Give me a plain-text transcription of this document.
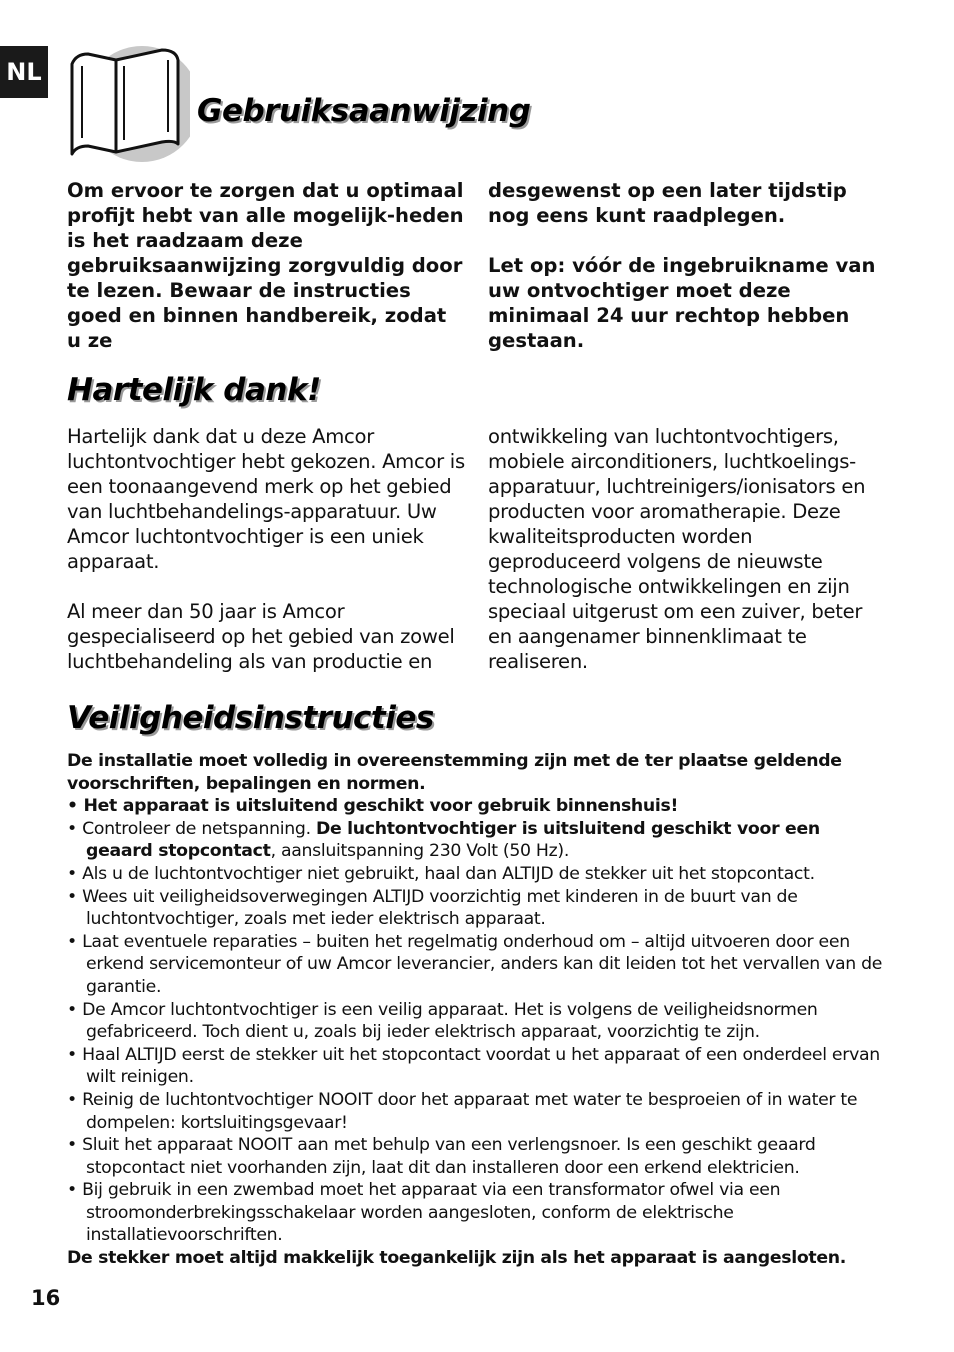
NL
Gebruiksaanwijzing
Om ervoor te zorgen dat u optimaal profijt hebt van alle mogelijk-heden is het raadzaam deze gebruiksaanwijzing zorgvuldig door te lezen. Bewaar de instructies goed en binnen handbereik, zodat u ze
desgewenst op een later tijdstip nog eens kunt raadplegen.
Let op: vóór de ingebruikname van uw ontvochtiger moet deze minimaal 24 uur rechtop hebben gestaan.
Hartelijk dank!
Hartelijk dank dat u deze Amcor luchtontvochtiger hebt gekozen. Amcor is een toonaangevend merk op het gebied van luchtbehandelings-apparatuur. Uw Amcor luchtontvochtiger is een uniek apparaat.
Al meer dan 50 jaar is Amcor gespecialiseerd op het gebied van zowel luchtbehandeling als van productie en
ontwikkeling van luchtontvochtigers, mobiele airconditioners, luchtkoelings-apparatuur, luchtreinigers/ionisators en producten voor aromatherapie. Deze kwaliteitsproducten worden geproduceerd volgens de nieuwste technologische ontwikkelingen en zijn speciaal uitgerust om een zuiver, beter en aangenamer binnenklimaat te realiseren.
Veiligheidsinstructies

De installatie moet volledig in overeenstemming zijn met de ter plaatse geldende voorschriften, bepalingen en normen.

• Het apparaat is uitsluitend geschikt voor gebruik binnenshuis!

• Controleer de netspanning. De luchtontvochtiger is uitsluitend geschikt voor een geaard stopcontact, aansluitspanning 230 Volt (50 Hz).

• Als u de luchtontvochtiger niet gebruikt, haal dan ALTIJD de stekker uit het stopcontact.

• Wees uit veiligheidsoverwegingen ALTIJD voorzichtig met kinderen in de buurt van de luchtontvochtiger, zoals met ieder elektrisch apparaat.

• Laat eventuele reparaties – buiten het regelmatig onderhoud om – altijd uitvoeren door een erkend servicemonteur of uw Amcor leverancier, anders kan dit leiden tot het vervallen van de garantie.

• De Amcor luchtontvochtiger is een veilig apparaat. Het is volgens de veiligheidsnormen gefabriceerd. Toch dient u, zoals bij ieder elektrisch apparaat, voorzichtig te zijn.

• Haal ALTIJD eerst de stekker uit het stopcontact voordat u het apparaat of een onderdeel ervan wilt reinigen.

• Reinig de luchtontvochtiger NOOIT door het apparaat met water te besproeien of in water te dompelen: kortsluitingsgevaar!

• Sluit het apparaat NOOIT aan met behulp van een verlengsnoer. Is een geschikt geaard stopcontact niet voorhanden zijn, laat dit dan installeren door een erkend elektricien.

• Bij gebruik in een zwembad moet het apparaat via een transformator ofwel via een stroomonderbrekingsschakelaar worden aangesloten, conform de elektrische installatievoorschriften.

De stekker moet altijd makkelijk toegankelijk zijn als het apparaat is aangesloten.

16
